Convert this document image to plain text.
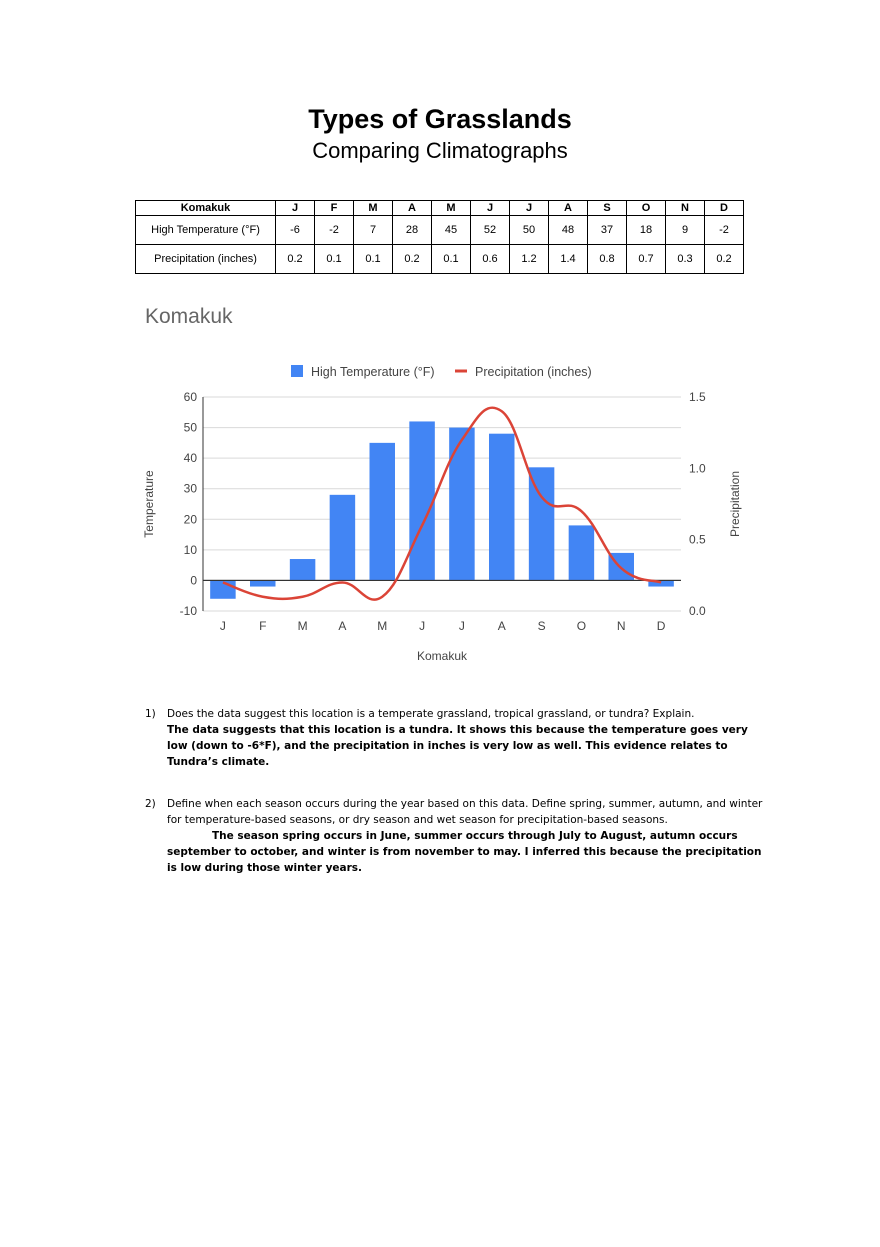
Types of Grasslands
Comparing Climatographs
Komakuk	J	F	M	A	M	J	J	A	S	O	N	D
High Temperature (°F)	-6	-2	7	28	45	52	50	48	37	18	9	-2
Precipitation (inches)	0.2	0.1	0.1	0.2	0.1	0.6	1.2	1.4	0.8	0.7	0.3	0.2
Komakuk
-10
0
10
20
30
40
50
60
0.0
0.5
1.0
1.5
J	F	M	A	M	J	J	A	S	O	N	D
Komakuk
Temperature	Precipitation
High Temperature (°F)	Precipitation (inches)
1) Does the data suggest this location is a temperate grassland, tropical grassland, or tundra? Explain.
The data suggests that this location is a tundra. It shows this because the temperature goes very low (down to -6*F), and the precipitation in inches is very low as well. This evidence relates to Tundra’s climate.
2) Define when each season occurs during the year based on this data. Define spring, summer, autumn, and winter for temperature-based seasons, or dry season and wet season for precipitation-based seasons.
The season spring occurs in June, summer occurs through July to August, autumn occurs september to october, and winter is from november to may. I inferred this because the precipitation is low during those winter years.
